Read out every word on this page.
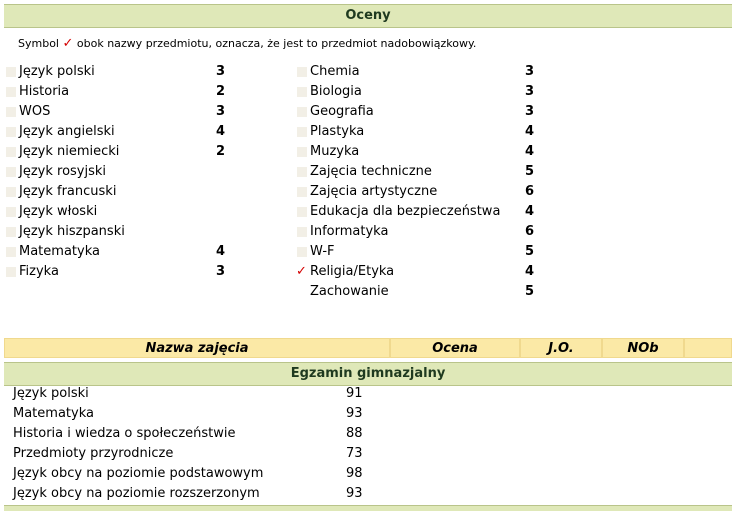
Oceny
Symbol ✓ obok nazwy przedmiotu, oznacza, że jest to przedmiot nadobowiązkowy.
Język polski	3
Historia	2
WOS	3
Język angielski	4
Język niemiecki	2
Język rosyjski
Język francuski
Język włoski
Język hiszpanski
Matematyka	4
Fizyka	3
Chemia	3
Biologia	3
Geografia	3
Plastyka	4
Muzyka	4
Zajęcia techniczne	5
Zajęcia artystyczne	6
Edukacja dla bezpieczeństwa 4
Informatyka	6
W-F	5
✓ Religia/Etyka	4
Zachowanie	5
Nazwa zajęcia	Ocena	J.O.	NOb
Egzamin gimnazjalny
Język polski	91
Matematyka	93
Historia i wiedza o społeczeństwie	88
Przedmioty przyrodnicze	73
Język obcy na poziomie podstawowym	98
Język obcy na poziomie rozszerzonym	93
